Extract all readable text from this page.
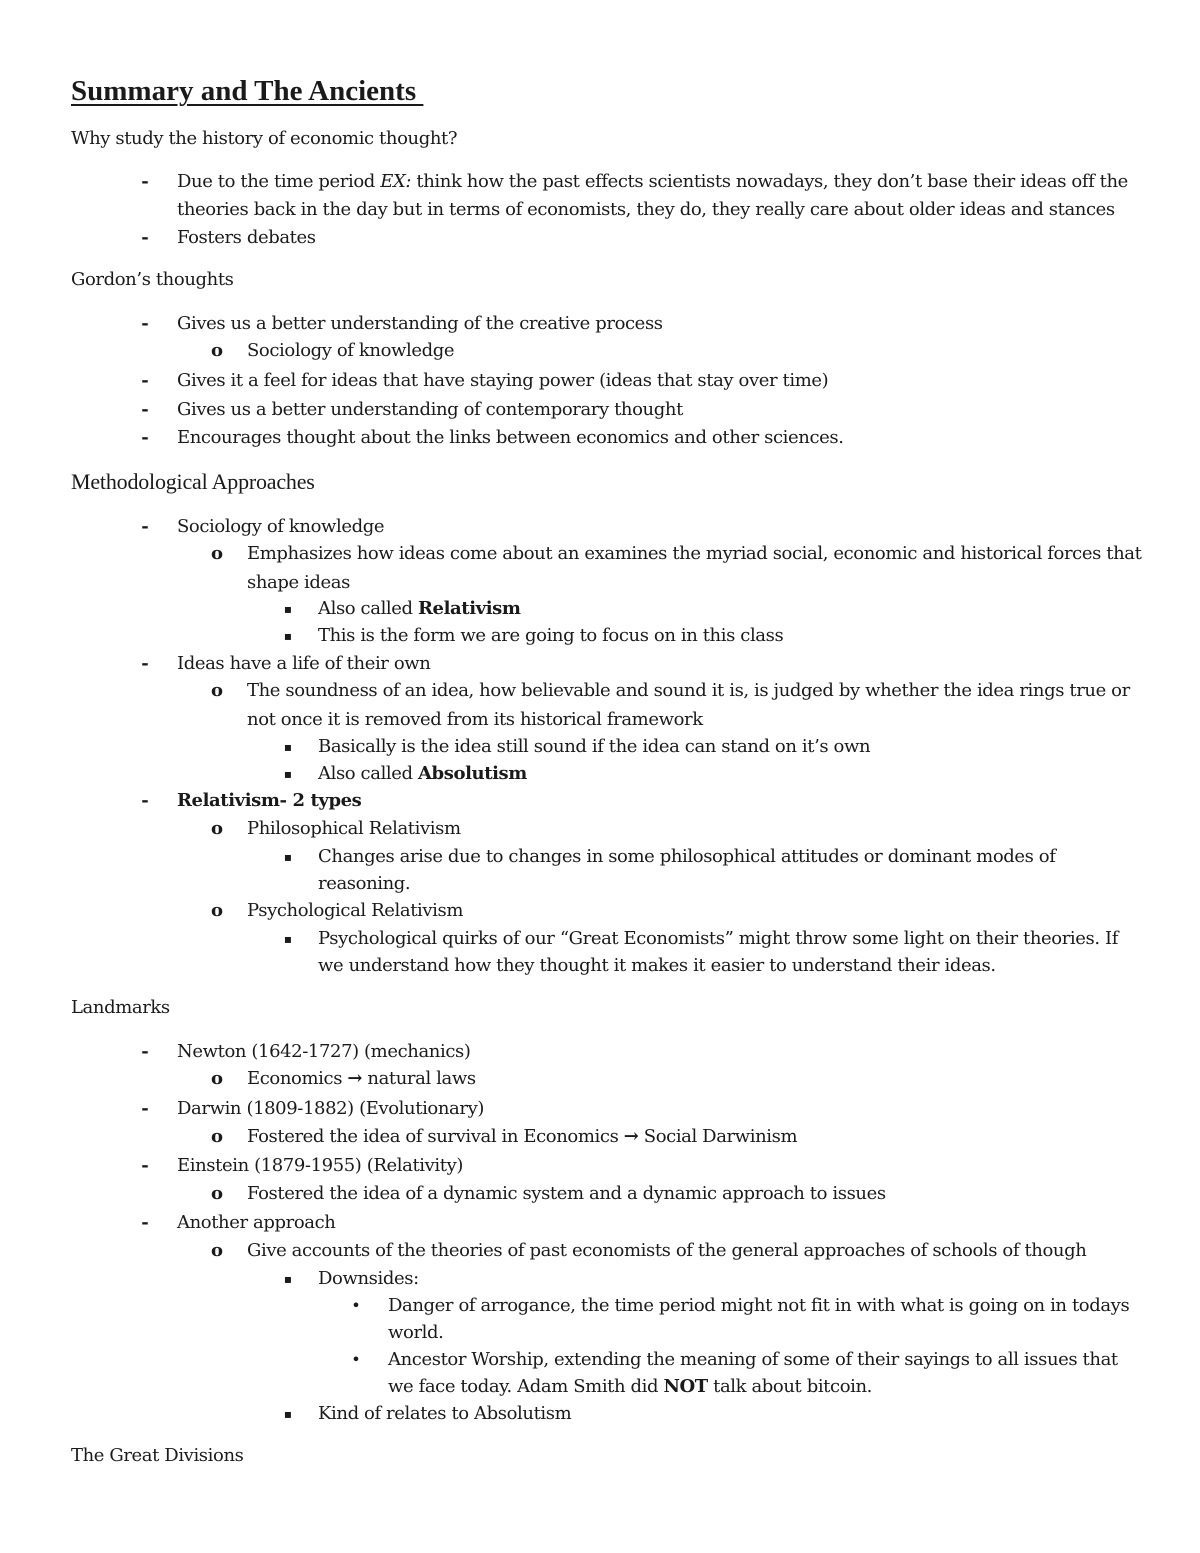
Summary and The Ancients
Why study the history of economic thought?
- Due to the time period EX: think how the past effects scientists nowadays, they don’t base their ideas off the
theories back in the day but in terms of economists, they do, they really care about older ideas and stances
- Fosters debates
Gordon’s thoughts
- Gives us a better understanding of the creative process
o Sociology of knowledge
- Gives it a feel for ideas that have staying power (ideas that stay over time)
- Gives us a better understanding of contemporary thought
- Encourages thought about the links between economics and other sciences.
Methodological Approaches
- Sociology of knowledge
o Emphasizes how ideas come about an examines the myriad social, economic and historical forces that
shape ideas
▪ Also called Relativism
▪ This is the form we are going to focus on in this class
- Ideas have a life of their own
o The soundness of an idea, how believable and sound it is, is judged by whether the idea rings true or
not once it is removed from its historical framework
▪ Basically is the idea still sound if the idea can stand on it’s own
▪ Also called Absolutism
- Relativism- 2 types
o Philosophical Relativism
▪ Changes arise due to changes in some philosophical attitudes or dominant modes of
reasoning.
o Psychological Relativism
▪ Psychological quirks of our “Great Economists” might throw some light on their theories. If
we understand how they thought it makes it easier to understand their ideas.
Landmarks
- Newton (1642-1727) (mechanics)
o Economics → natural laws
- Darwin (1809-1882) (Evolutionary)
o Fostered the idea of survival in Economics → Social Darwinism
- Einstein (1879-1955) (Relativity)
o Fostered the idea of a dynamic system and a dynamic approach to issues
- Another approach
o Give accounts of the theories of past economists of the general approaches of schools of though
▪ Downsides:
• Danger of arrogance, the time period might not fit in with what is going on in todays
world.
• Ancestor Worship, extending the meaning of some of their sayings to all issues that
we face today. Adam Smith did NOT talk about bitcoin.
▪ Kind of relates to Absolutism
The Great Divisions
